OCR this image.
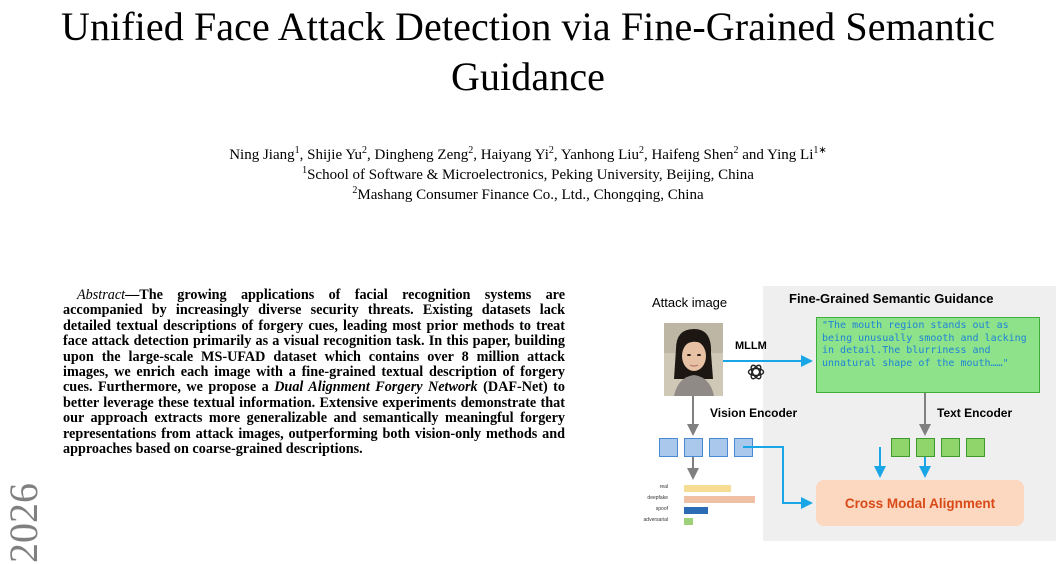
Unified Face Attack Detection via Fine-Grained Semantic Guidance
Ning Jiang$^1$, Shijie Yu$^2$, Dingheng Zeng$^2$, Haiyang Yi$^2$, Yanhong Liu$^2$, Haifeng Shen$^2$ and Ying $Li^{1∗}$
$^1$School of Software & Microelectronics, Peking University, Beijing, China
$^2$Mashang Consumer Finance Co., Ltd., Chongqing, China
Abstract—The growing applications of facial recognition systems are accompanied by increasingly diverse security threats. Existing datasets lack detailed textual descriptions of forgery cues, leading most prior methods to treat face attack detection primarily as a visual recognition task. In this paper, building upon the large-scale MS-UFAD dataset which contains over 8 million attack images, we enrich each image with a fine-grained textual description of forgery cues. Furthermore, we propose a Dual Alignment Forgery Network (DAF-Net) to better leverage these textual information. Extensive experiments demonstrate that our approach extracts more generalizable and semantically meaningful forgery representations from attack images, outperforming both vision-only methods and approaches based on coarse-grained descriptions.
2026
Attack image	Fine-Grained Semantic Guidance
MLLM
"The mouth region stands out as being unusually smooth and lacking in detail.The blurriness and unnatural shape of the mouth……"
Vision Encoder	Text Encoder
Cross Modal Alignment
real
deepfake
spoof
adversarial
